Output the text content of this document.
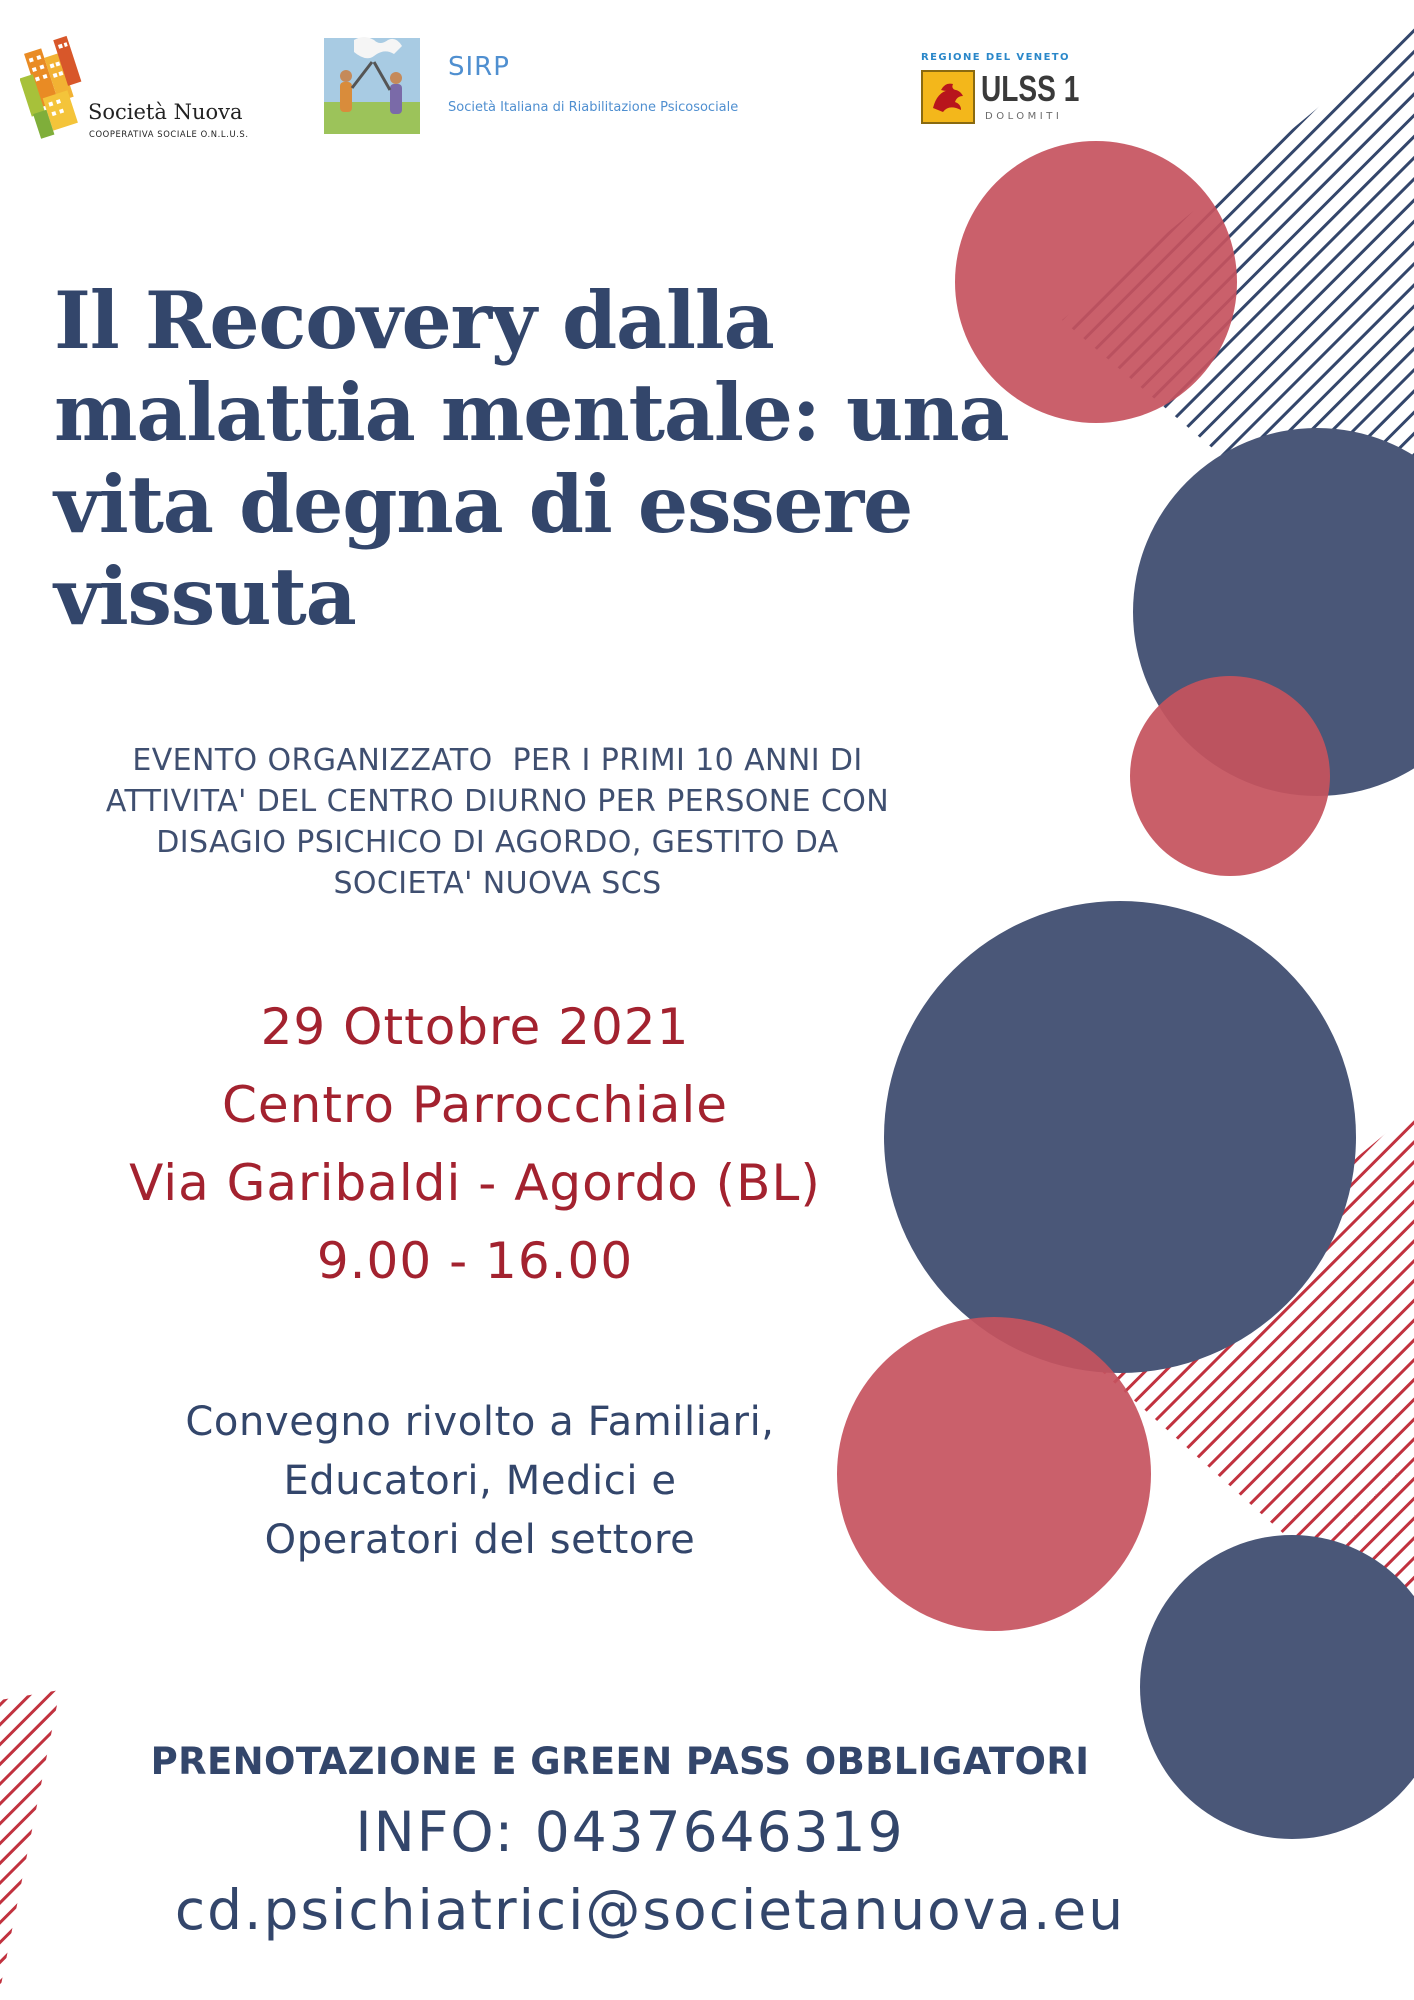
Società Nuova
COOPERATIVA SOCIALE O.N.L.U.S.
SIRP
Società Italiana di Riabilitazione Psicosociale
REGIONE DEL VENETO
ULSS 1
DOLOMITI
Il Recovery dalla
malattia mentale: una
vita degna di essere
vissuta
EVENTO ORGANIZZATO  PER I PRIMI 10 ANNI DI
ATTIVITA' DEL CENTRO DIURNO PER PERSONE CON
DISAGIO PSICHICO DI AGORDO, GESTITO DA
SOCIETA' NUOVA SCS
29 Ottobre 2021
Centro Parrocchiale
Via Garibaldi - Agordo (BL)
9.00 - 16.00
Convegno rivolto a Familiari,
Educatori, Medici e
Operatori del settore
PRENOTAZIONE E GREEN PASS OBBLIGATORI
INFO: 0437646319
cd.psichiatrici@societanuova.eu
